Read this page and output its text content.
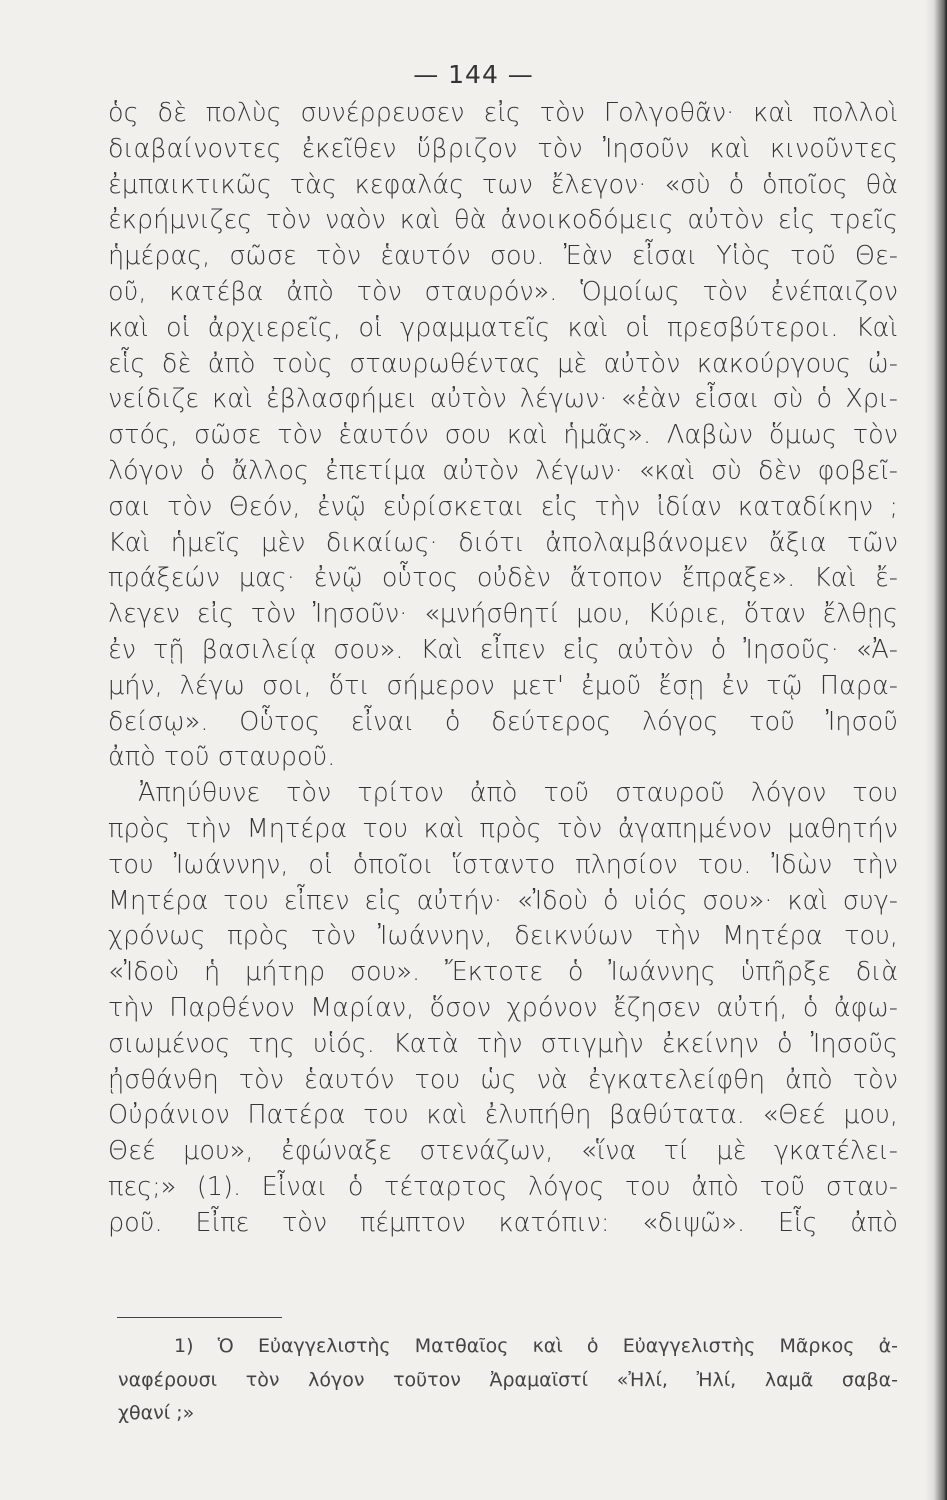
— 144 —
ὁς δὲ πολὺς συνέρρευσεν εἰς τὸν Γολγοθᾶν· καὶ πολλοὶ
διαβαίνοντες ἐκεῖθεν ὕβριζον τὸν Ἰησοῦν καὶ κινοῦντες
ἐμπαικτικῶς τὰς κεφαλάς των ἔλεγον· «σὺ ὁ ὁποῖος θὰ
ἐκρήμνιζες τὸν ναὸν καὶ θὰ ἀνοικοδόμεις αὐτὸν εἰς τρεῖς
ἡμέρας, σῶσε τὸν ἑαυτόν σου. Ἐὰν εἶσαι Υἱὸς τοῦ Θε-
οῦ, κατέβα ἀπὸ τὸν σταυρόν». Ὁμοίως τὸν ἐνέπαιζον
καὶ οἱ ἀρχιερεῖς, οἱ γραμματεῖς καὶ οἱ πρεσβύτεροι. Καὶ
εἷς δὲ ἀπὸ τοὺς σταυρωθέντας μὲ αὐτὸν κακούργους ὠ-
νείδιζε καὶ ἐβλασφήμει αὐτὸν λέγων· «ἐὰν εἶσαι σὺ ὁ Χρι-
στός, σῶσε τὸν ἑαυτόν σου καὶ ἡμᾶς». Λαβὼν ὅμως τὸν
λόγον ὁ ἄλλος ἐπετίμα αὐτὸν λέγων· «καὶ σὺ δὲν φοβεῖ-
σαι τὸν Θεόν, ἐνῷ εὑρίσκεται εἰς τὴν ἰδίαν καταδίκην ;
Καὶ ἡμεῖς μὲν δικαίως· διότι ἀπολαμβάνομεν ἄξια τῶν
πράξεών μας· ἐνῷ οὗτος οὐδὲν ἄτοπον ἔπραξε». Καὶ ἔ-
λεγεν εἰς τὸν Ἰησοῦν· «μνήσθητί μου, Κύριε, ὅταν ἔλθῃς
ἐν τῇ βασιλείᾳ σου». Καὶ εἶπεν εἰς αὐτὸν ὁ Ἰησοῦς· «Ἀ-
μήν, λέγω σοι, ὅτι σήμερον μετ' ἐμοῦ ἔσῃ ἐν τῷ Παρα-
δείσῳ». Οὗτος εἶναι ὁ δεύτερος λόγος τοῦ Ἰησοῦ
ἀπὸ τοῦ σταυροῦ.
Ἀπηύθυνε τὸν τρίτον ἀπὸ τοῦ σταυροῦ λόγον του
πρὸς τὴν Μητέρα του καὶ πρὸς τὸν ἀγαπημένον μαθητήν
του Ἰωάννην, οἱ ὁποῖοι ἵσταντο πλησίον του. Ἰδὼν τὴν
Μητέρα του εἶπεν εἰς αὐτήν· «Ἰδοὺ ὁ υἱός σου»· καὶ συγ-
χρόνως πρὸς τὸν Ἰωάννην, δεικνύων τὴν Μητέρα του,
«Ἰδοὺ ἡ μήτηρ σου». Ἔκτοτε ὁ Ἰωάννης ὑπῆρξε διὰ
τὴν Παρθένον Μαρίαν, ὅσον χρόνον ἔζησεν αὐτή, ὁ ἀφω-
σιωμένος της υἱός. Κατὰ τὴν στιγμὴν ἐκείνην ὁ Ἰησοῦς
ᾐσθάνθη τὸν ἑαυτόν του ὡς νὰ ἐγκατελείφθη ἀπὸ τὸν
Οὐράνιον Πατέρα του καὶ ἐλυπήθη βαθύτατα. «Θεέ μου,
Θεέ μου», ἐφώναξε στενάζων, «ἵνα τί μὲ γκατέλει-
πες;» (1). Εἶναι ὁ τέταρτος λόγος του ἀπὸ τοῦ σταυ-
ροῦ. Εἶπε τὸν πέμπτον κατόπιν: «διψῶ». Εἷς ἀπὸ
1) Ὁ Εὐαγγελιστὴς Ματθαῖος καὶ ὁ Εὐαγγελιστὴς Μᾶρκος ἀ-
ναφέρουσι τὸν λόγον τοῦτον Ἀραμαϊστί «Ἠλί, Ἠλί, λαμᾶ σαβα-
χθανί ;»
